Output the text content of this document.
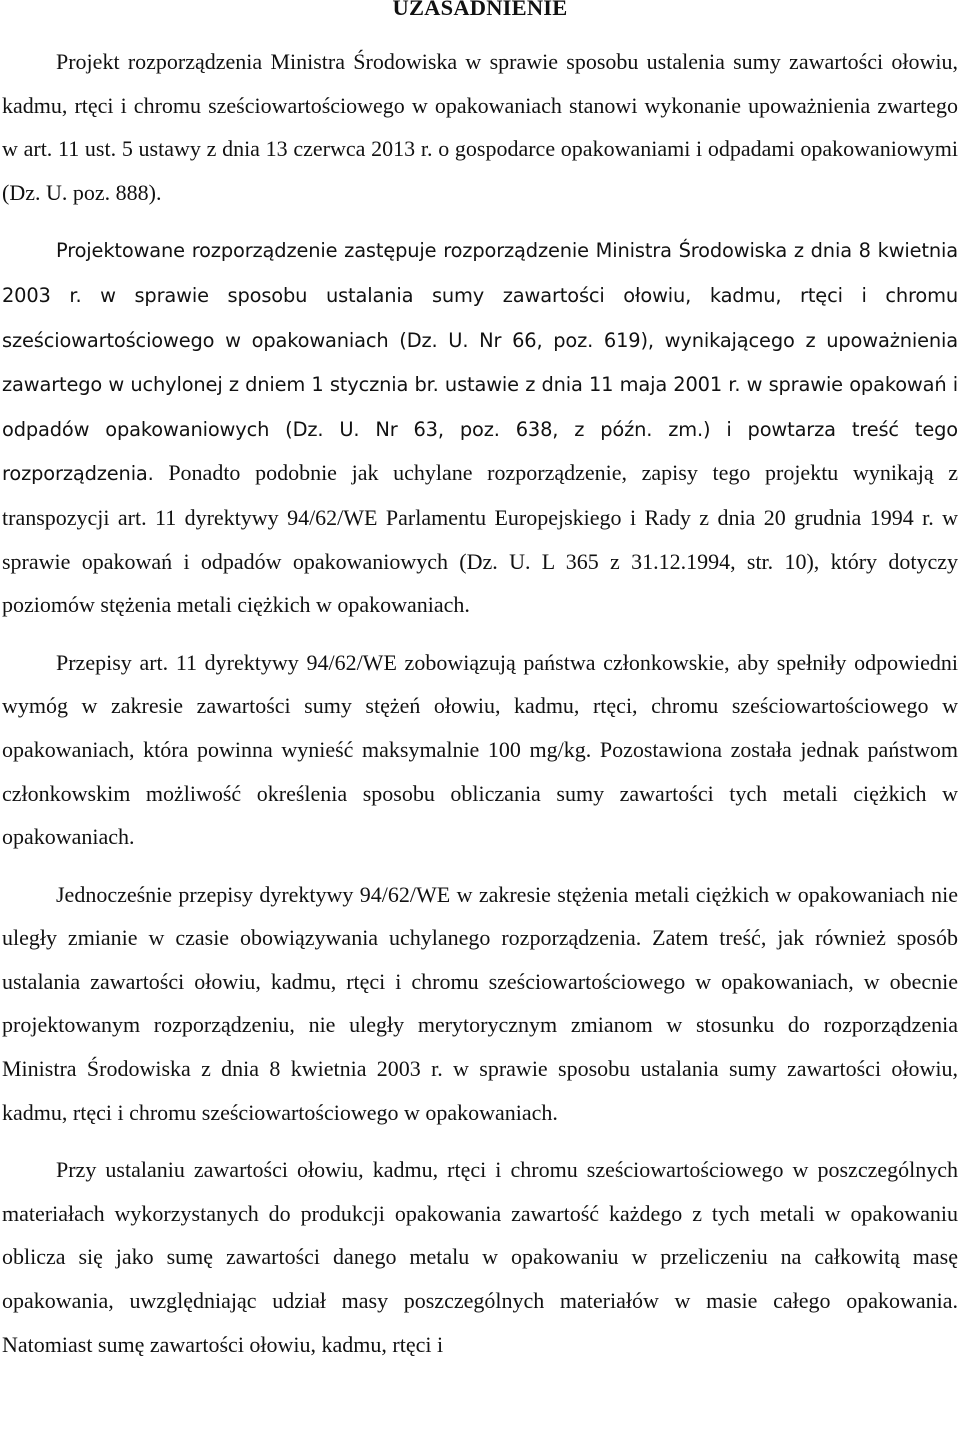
UZASADNIENIE

Projekt rozporządzenia Ministra Środowiska w sprawie sposobu ustalenia sumy zawartości ołowiu, kadmu, rtęci i chromu sześciowartościowego w opakowaniach stanowi wykonanie upoważnienia zwartego w art. 11 ust. 5 ustawy z dnia 13 czerwca 2013 r. o gospodarce opakowaniami i odpadami opakowaniowymi (Dz. U. poz. 888).

Projektowane rozporządzenie zastępuje rozporządzenie Ministra Środowiska z dnia 8 kwietnia 2003 r. w sprawie sposobu ustalania sumy zawartości ołowiu, kadmu, rtęci i chromu sześciowartościowego w opakowaniach (Dz. U. Nr 66, poz. 619), wynikającego z upoważnienia zawartego w uchylonej z dniem 1 stycznia br. ustawie z dnia 11 maja 2001 r. w sprawie opakowań i odpadów opakowaniowych (Dz. U. Nr 63, poz. 638, z późn. zm.) i powtarza treść tego rozporządzenia. Ponadto podobnie jak uchylane rozporządzenie, zapisy tego projektu wynikają z transpozycji art. 11 dyrektywy 94/62/WE Parlamentu Europejskiego i Rady z dnia 20 grudnia 1994 r. w sprawie opakowań i odpadów opakowaniowych (Dz. U. L 365 z 31.12.1994, str. 10), który dotyczy poziomów stężenia metali ciężkich w opakowaniach.

Przepisy art. 11 dyrektywy 94/62/WE zobowiązują państwa członkowskie, aby spełniły odpowiedni wymóg w zakresie zawartości sumy stężeń ołowiu, kadmu, rtęci, chromu sześciowartościowego w opakowaniach, która powinna wynieść maksymalnie 100 mg/kg. Pozostawiona została jednak państwom członkowskim możliwość określenia sposobu obliczania sumy zawartości tych metali ciężkich w opakowaniach.

Jednocześnie przepisy dyrektywy 94/62/WE w zakresie stężenia metali ciężkich w opakowaniach nie uległy zmianie w czasie obowiązywania uchylanego rozporządzenia. Zatem treść, jak również sposób ustalania zawartości ołowiu, kadmu, rtęci i chromu sześciowartościowego w opakowaniach, w obecnie projektowanym rozporządzeniu, nie uległy merytorycznym zmianom w stosunku do rozporządzenia Ministra Środowiska z dnia 8 kwietnia 2003 r. w sprawie sposobu ustalania sumy zawartości ołowiu, kadmu, rtęci i chromu sześciowartościowego w opakowaniach.

Przy ustalaniu zawartości ołowiu, kadmu, rtęci i chromu sześciowartościowego w poszczególnych materiałach wykorzystanych do produkcji opakowania zawartość każdego z tych metali w opakowaniu oblicza się jako sumę zawartości danego metalu w opakowaniu w przeliczeniu na całkowitą masę opakowania, uwzględniając udział masy poszczególnych materiałów w masie całego opakowania. Natomiast sumę zawartości ołowiu, kadmu, rtęci i
